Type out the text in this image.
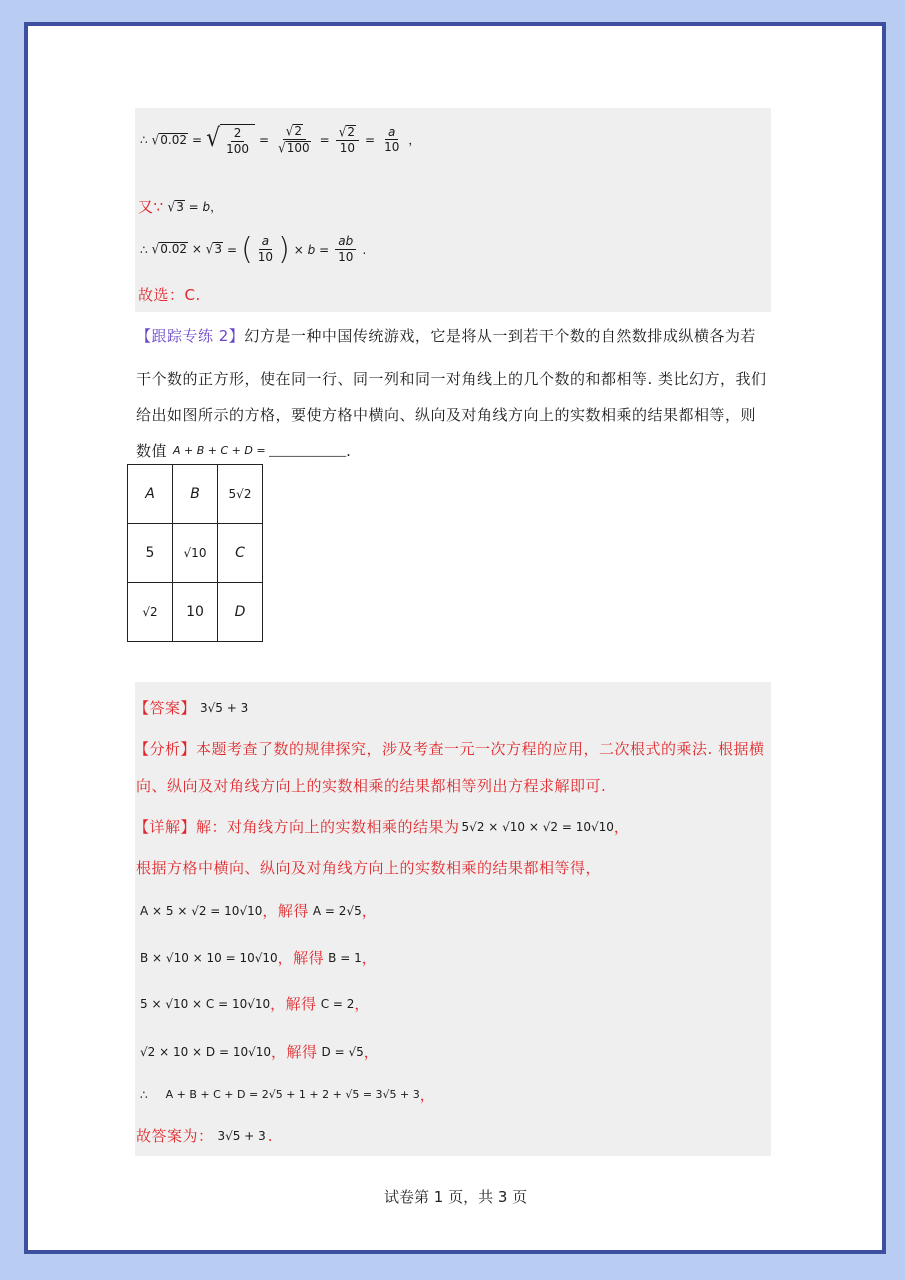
∴ √0.02 = √ $\frac{2}{100} = \frac{√2}{√100} = \frac{√2}{10} = \frac{a}{10}$ ，
又∵ √3 = b，
∴ √0.02 × √3 = ( $\frac{a}{10}$ ) × $b = \frac{ab}{10}$ .
故选：C.
【跟踪专练 2】幻方是一种中国传统游戏，它是将从一到若干个数的自然数排成纵横各为若
干个数的正方形，使在同一行、同一列和同一对角线上的几个数的和都相等. 类比幻方，我们
给出如图所示的方格，要使方格中横向、纵向及对角线方向上的实数相乘的结果都相等，则
数值 A + B + C + D = ______________ .
A	B	5√2
5	√10	C
√2	10	D
【答案】 3√5 + 3
【分析】本题考查了数的规律探究，涉及考查一元一次方程的应用，二次根式的乘法. 根据横
向、纵向及对角线方向上的实数相乘的结果都相等列出方程求解即可.
【详解】 解：对角线方向上的实数相乘的结果为 5√2 × √10 × √2 = 10√10 ，
根据方格中横向、纵向及对角线方向上的实数相乘的结果都相等得，
A × 5 × √2 = 10√10 ，解得 A = 2√5 ，
B × √10 × 10 = 10√10 ，解得 B = 1 ，
5 × √10 × C = 10√10 ，解得 C = 2 ，
√2 × 10 × D = 10√10 ，解得 D = √5 ，
∴ A + B + C + D = 2√5 + 1 + 2 + √5 = 3√5 + 3 ，
故答案为： 3√5 + 3 .
试卷第 1 页，共 3 页
